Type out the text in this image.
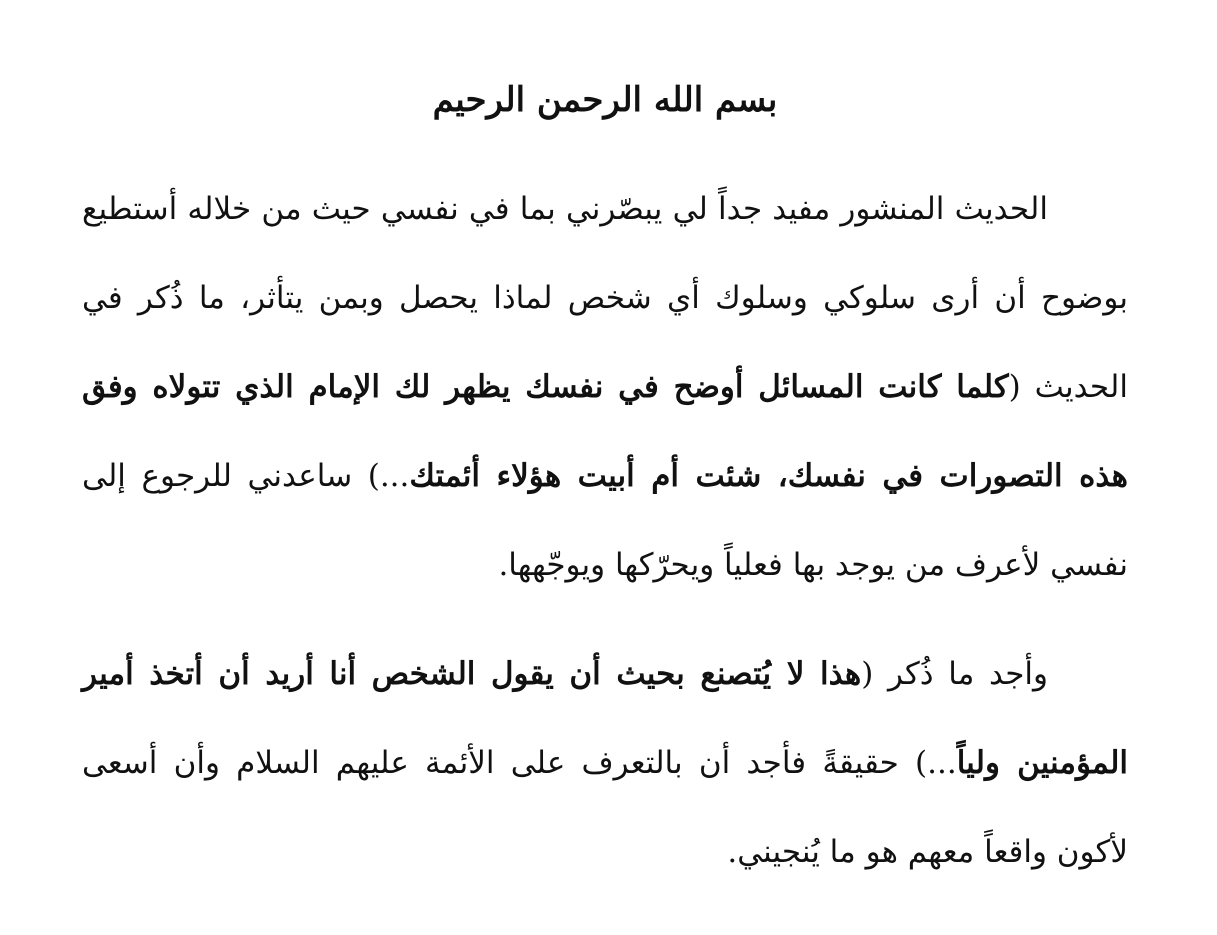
بسم الله الرحمن الرحيم

الحديث المنشور مفيد جداً لي يبصّرني بما في نفسي حيث من خلاله أستطيع بوضوح أن أرى سلوكي وسلوك أي شخص لماذا يحصل وبمن يتأثر، ما ذُكر في الحديث (كلما كانت المسائل أوضح في نفسك يظهر لك الإمام الذي تتولاه وفق هذه التصورات في نفسك، شئت أم أبيت هؤلاء أئمتك...) ساعدني للرجوع إلى نفسي لأعرف من يوجد بها فعلياً ويحرّكها ويوجّهها.

وأجد ما ذُكر (هذا لا يُتصنع بحيث أن يقول الشخص أنا أريد أن أتخذ أمير المؤمنين ولياً...) حقيقةً فأجد أن بالتعرف على الأئمة عليهم السلام وأن أسعى لأكون واقعاً معهم هو ما يُنجيني.
